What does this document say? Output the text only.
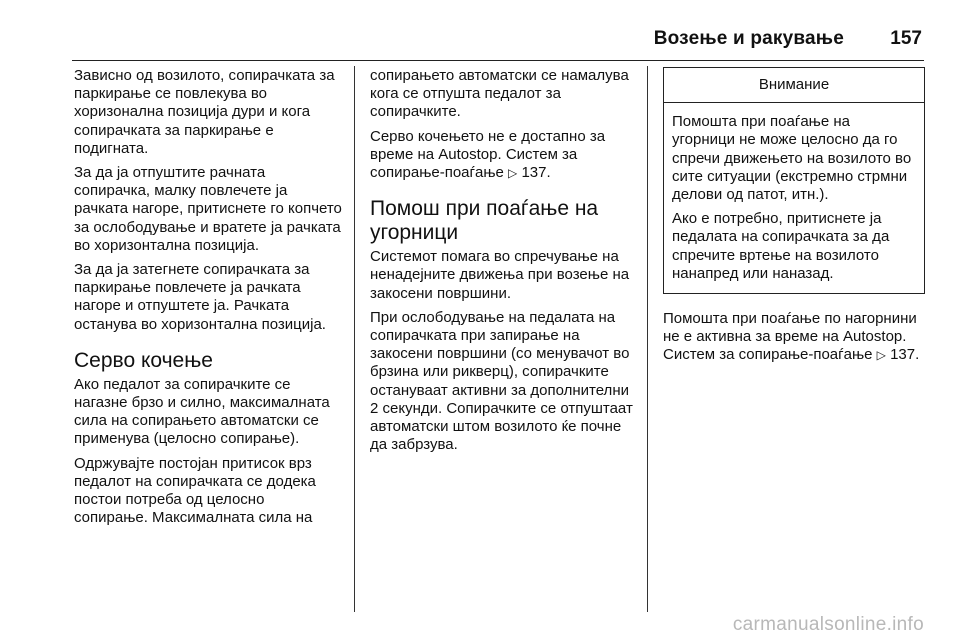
Возење и ракување 157

Зависно од возилото, сопирачката за паркирање се повлекува во хоризонална позиција дури и кога сопирачката за паркирање е подигната.

За да ја отпуштите рачната сопирачка, малку повлечете ја рачката нагоре, притиснете го копчето за ослободување и вратете ја рачката во хоризонтална позиција.

За да ја затегнете сопирачката за паркирање повлечете ја рачката нагоре и отпуштете ја. Рачката останува во хоризонтална позиција.

Серво кочење

Ако педалот за сопирачките се нагазне брзо и силно, максималната сила на сопирањето автоматски се применува (целосно сопирање).

Одржувајте постојан притисок врз педалот на сопирачката се додека постои потреба од целосно сопирање. Максималната сила на

сопирањето автоматски се намалува кога се отпушта педалот за сопирачките.

Серво кочењето не е достапно за време на Autostop. Систем за сопирање-поаѓање ▷ 137.

Помош при поаѓање на угорници

Системот помага во спречување на ненадејните движења при возење на закосени површини.

При ослободување на педалата на сопирачката при запирање на закосени површини (со менувачот во брзина или рикверц), сопирачките остануваат активни за дополнителни 2 секунди. Сопирачките се отпуштаат автоматски штом возилото ќе почне да забрзува.

Внимание

Помошта при поаѓање на угорници не може целосно да го спречи движењето на возилото во сите ситуации (екстремно стрмни делови од патот, итн.).

Ако е потребно, притиснете ја педалата на сопирачката за да спречите вртење на возилото нанапред или наназад.

Помошта при поаѓање по нагорнини не е активна за време на Autostop. Систем за сопирање-поаѓање ▷ 137.

carmanualsonline.info
